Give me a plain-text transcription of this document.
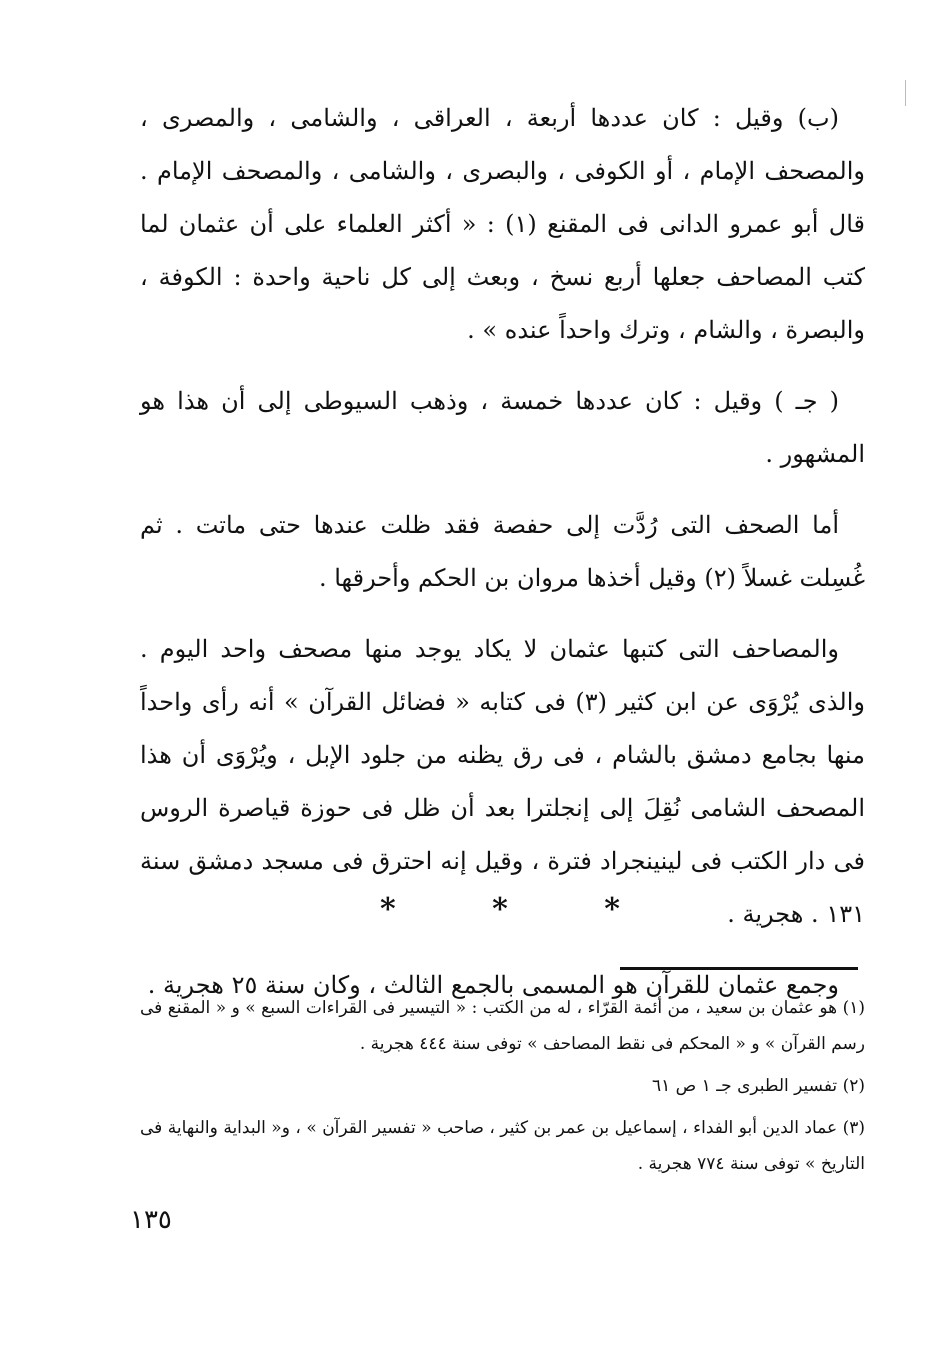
(ب) وقيل : كان عددها أربعة ، العراقى ، والشامى ، والمصرى ، والمصحف الإمام ، أو الكوفى ، والبصرى ، والشامى ، والمصحف الإمام . قال أبو عمرو الدانى فى المقنع (١) : « أكثر العلماء على أن عثمان لما كتب المصاحف جعلها أربع نسخ ، وبعث إلى كل ناحية واحدة : الكوفة ، والبصرة ، والشام ، وترك واحداً عنده » .

( جـ ) وقيل : كان عددها خمسة ، وذهب السيوطى إلى أن هذا هو المشهور .

أما الصحف التى رُدَّت إلى حفصة فقد ظلت عندها حتى ماتت . ثم غُسِلت غسلاً (٢) وقيل أخذها مروان بن الحكم وأحرقها .

والمصاحف التى كتبها عثمان لا يكاد يوجد منها مصحف واحد اليوم . والذى يُرْوَى عن ابن كثير (٣) فى كتابه « فضائل القرآن » أنه رأى واحداً منها بجامع دمشق بالشام ، فى رق يظنه من جلود الإبل ، ويُرْوَى أن هذا المصحف الشامى نُقِلَ إلى إنجلترا بعد أن ظل فى حوزة قياصرة الروس فى دار الكتب فى لينينجراد فترة ، وقيل إنه احترق فى مسجد دمشق سنة ١٣١ . هجرية .

وجمع عثمان للقرآن هو المسمى بالجمع الثالث ، وكان سنة ٢٥ هجرية .

*	*	*

(١) هو عثمان بن سعيد ، من أئمة القرّاء ، له من الكتب : « التيسير فى القراءات السبع » و « المقنع فى رسم القرآن » و « المحكم فى نقط المصاحف » توفى سنة ٤٤٤ هجرية .

(٢) تفسير الطبرى جـ ١ ص ٦١

(٣) عماد الدين أبو الفداء ، إسماعيل بن عمر بن كثير ، صاحب « تفسير القرآن » ، و« البداية والنهاية فى التاريخ » توفى سنة ٧٧٤ هجرية .

١٣٥
